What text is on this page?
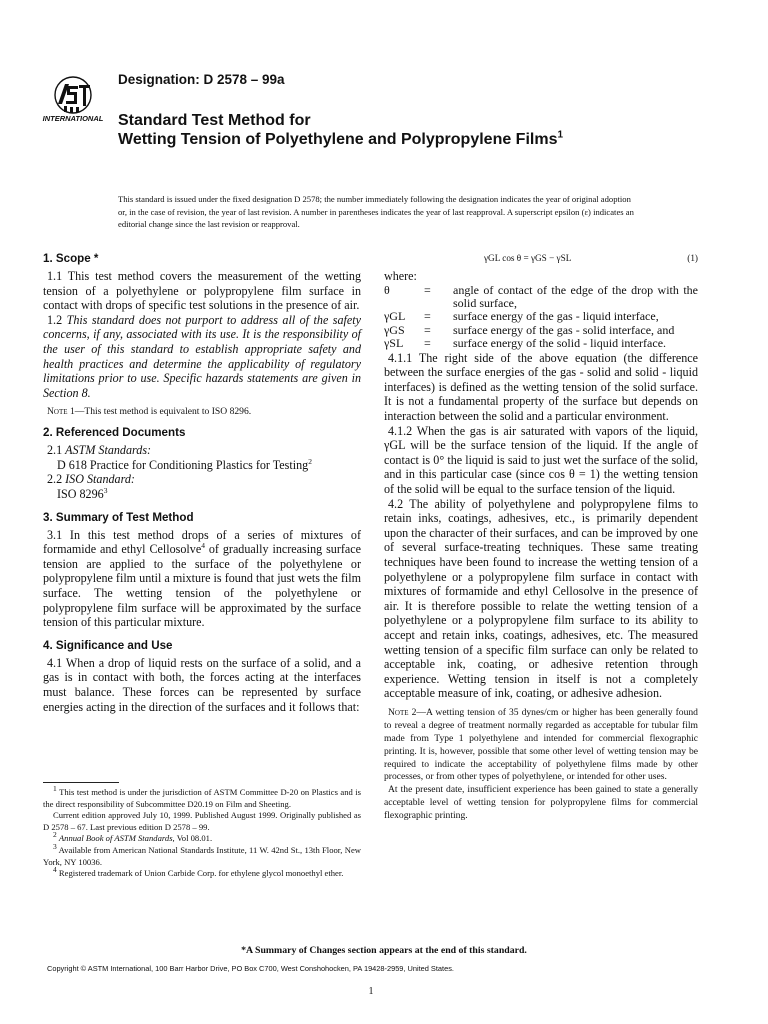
INTERNATIONAL
Designation: D 2578 – 99a
Standard Test Method for
Wetting Tension of Polyethylene and Polypropylene Films$^1$
This standard is issued under the fixed designation D 2578; the number immediately following the designation indicates the year of original adoption or, in the case of revision, the year of last revision. A number in parentheses indicates the year of last reapproval. A superscript epsilon (ε) indicates an editorial change since the last revision or reapproval.
1. Scope *

1.1 This test method covers the measurement of the wetting tension of a polyethylene or polypropylene film surface in contact with drops of specific test solutions in the presence of air.

1.2 This standard does not purport to address all of the safety concerns, if any, associated with its use. It is the responsibility of the user of this standard to establish appropriate safety and health practices and determine the applicability of regulatory limitations prior to use. Specific hazards statements are given in Section 8.

Note 1—This test method is equivalent to ISO 8296.

2. Referenced Documents

2.1 ASTM Standards:

D 618 Practice for Conditioning Plastics for Testing$^2$

2.2 ISO Standard:

ISO 8296$^3$

3. Summary of Test Method

3.1 In this test method drops of a series of mixtures of formamide and ethyl Cellosolve$^4$ of gradually increasing surface tension are applied to the surface of the polyethylene or polypropylene film until a mixture is found that just wets the film surface. The wetting tension of the polyethylene or polypropylene film surface will be approximated by the surface tension of this particular mixture.

4. Significance and Use

4.1 When a drop of liquid rests on the surface of a solid, and a gas is in contact with both, the forces acting at the interfaces must balance. These forces can be represented by surface energies acting in the direction of the surfaces and it follows that:

γGL cos θ = γGS − γSL	(1)

where:

θ	=	angle of contact of the edge of the drop with the solid surface,
γGL	=	surface energy of the gas - liquid interface,
γGS	=	surface energy of the gas - solid interface, and
γSL	=	surface energy of the solid - liquid interface.

4.1.1 The right side of the above equation (the difference between the surface energies of the gas - solid and solid - liquid interfaces) is defined as the wetting tension of the solid surface. It is not a fundamental property of the surface but depends on interaction between the solid and a particular environment.

4.1.2 When the gas is air saturated with vapors of the liquid, γGL will be the surface tension of the liquid. If the angle of contact is 0° the liquid is said to just wet the surface of the solid, and in this particular case (since cos θ = 1) the wetting tension of the solid will be equal to the surface tension of the liquid.

4.2 The ability of polyethylene and polypropylene films to retain inks, coatings, adhesives, etc., is primarily dependent upon the character of their surfaces, and can be improved by one of several surface-treating techniques. These same treating techniques have been found to increase the wetting tension of a polyethylene or a polypropylene film surface in contact with mixtures of formamide and ethyl Cellosolve in the presence of air. It is therefore possible to relate the wetting tension of a polyethylene or a polypropylene film surface to its ability to accept and retain inks, coatings, adhesives, etc. The measured wetting tension of a specific film surface can only be related to acceptable ink, coating, or adhesive retention through experience. Wetting tension in itself is not a completely acceptable measure of ink, coating, or adhesive adhesion.

Note 2—A wetting tension of 35 dynes/cm or higher has been generally found to reveal a degree of treatment normally regarded as acceptable for tubular film made from Type 1 polyethylene and intended for commercial flexographic printing. It is, however, possible that some other level of wetting tension may be required to indicate the acceptability of polyethylene films made by other processes, or from other types of polyethylene, or intended for other uses.

At the present date, insufficient experience has been gained to state a generally acceptable level of wetting tension for polypropylene films for commercial flexographic printing.

$^1$ This test method is under the jurisdiction of ASTM Committee D-20 on Plastics and is the direct responsibility of Subcommittee D20.19 on Film and Sheeting.

Current edition approved July 10, 1999. Published August 1999. Originally published as D 2578 – 67. Last previous edition D 2578 – 99.

$^2$ Annual Book of ASTM Standards, Vol 08.01.

$^3$ Available from American National Standards Institute, 11 W. 42nd St., 13th Floor, New York, NY 10036.

$^4$ Registered trademark of Union Carbide Corp. for ethylene glycol monoethyl ether.

*A Summary of Changes section appears at the end of this standard.
Copyright © ASTM International, 100 Barr Harbor Drive, PO Box C700, West Conshohocken, PA 19428-2959, United States.
1
